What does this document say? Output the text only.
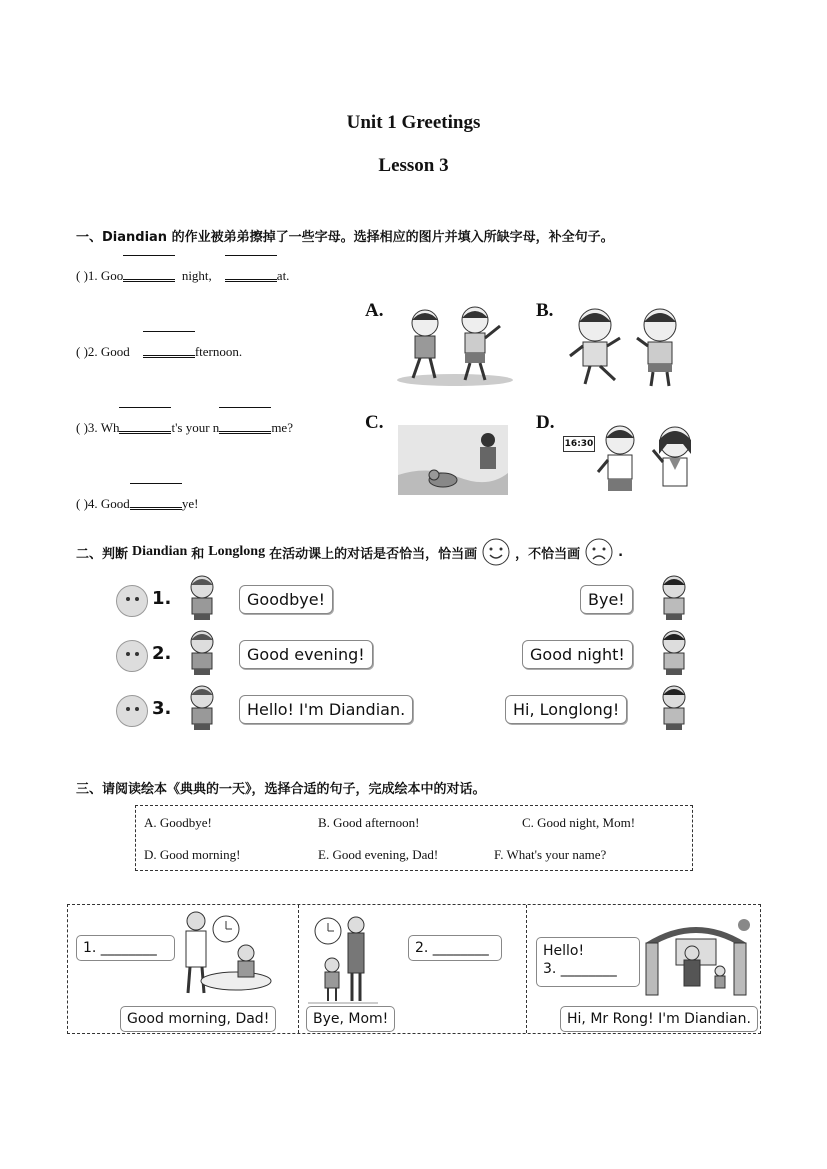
Unit 1 Greetings
Lesson 3
一、Diandian 的作业被弟弟擦掉了一些字母。选择相应的图片并填入所缺字母，补全句子。
( )1. Goo	night,	at.
( )2. Good	fternoon.
( )3. Wh	t's your n	me?
( )4. Good	ye!
A.	B.
C.	D.
16:30
二、判断 Diandian 和 Longlong 在活动课上的对话是否恰当，恰当画	，不恰当画	.
1.	Goodbye!	Bye!
2.	Good evening!	Good night!
3.	Hello! I'm Diandian.	Hi, Longlong!
三、请阅读绘本《典典的一天》，选择合适的句子，完成绘本中的对话。
A. Goodbye!	B. Good afternoon!	C. Good night, Mom!
D. Good morning!	E. Good evening, Dad!	F. What's your name?
1. ________
Good morning, Dad!
2. ________
Bye, Mom!
Hello!
3. ________
Hi, Mr Rong! I'm Diandian.
